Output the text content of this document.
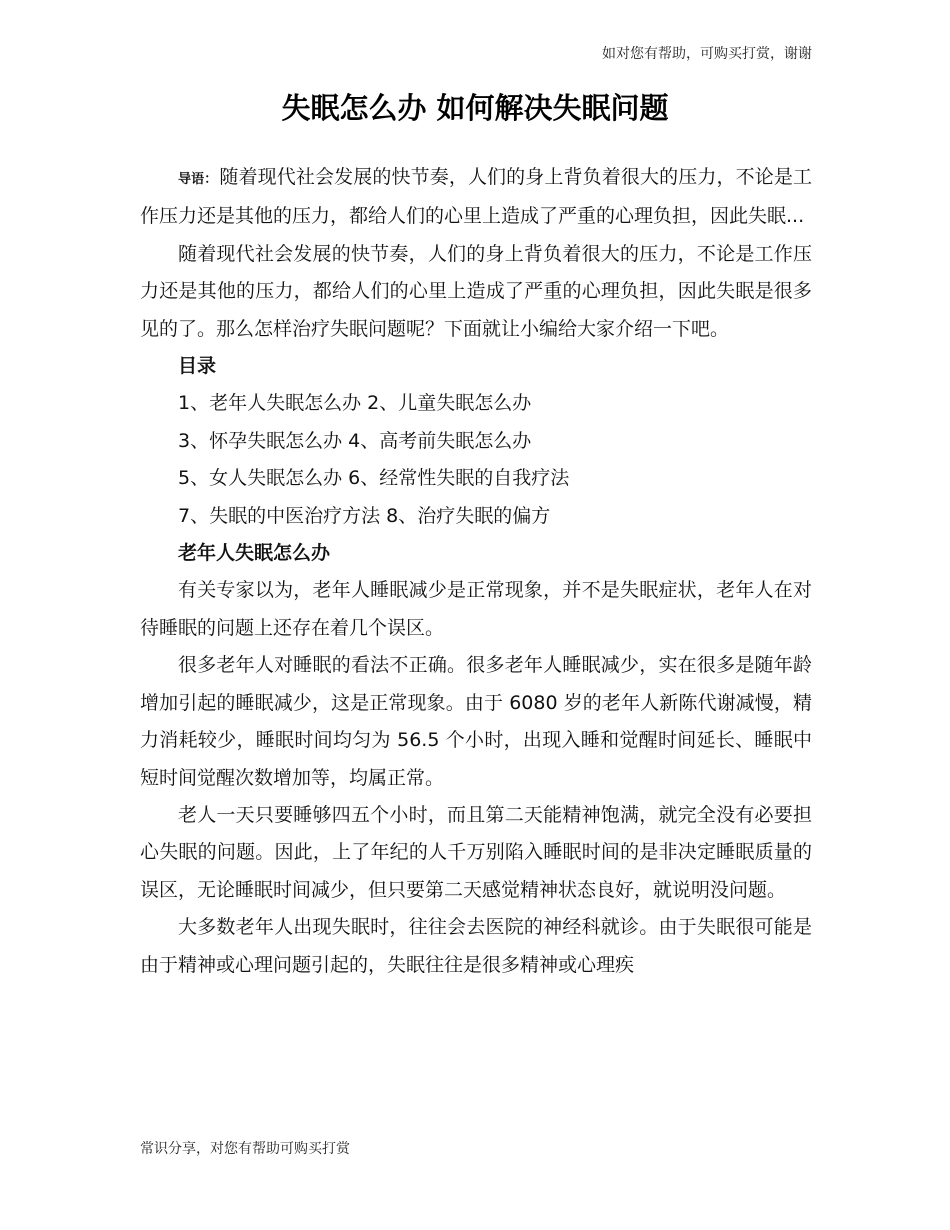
如对您有帮助，可购买打赏，谢谢
失眠怎么办 如何解决失眠问题

导语： 随着现代社会发展的快节奏，人们的身上背负着很大的压力，不论是工作压力还是其他的压力，都给人们的心里上造成了严重的心理负担，因此失眠...

随着现代社会发展的快节奏，人们的身上背负着很大的压力，不论是工作压力还是其他的压力，都给人们的心里上造成了严重的心理负担，因此失眠是很多见的了。那么怎样治疗失眠问题呢？下面就让小编给大家介绍一下吧。

目录
1、老年人失眠怎么办 2、儿童失眠怎么办
3、怀孕失眠怎么办 4、高考前失眠怎么办
5、女人失眠怎么办 6、经常性失眠的自我疗法
7、失眠的中医治疗方法 8、治疗失眠的偏方
老年人失眠怎么办

有关专家以为，老年人睡眠减少是正常现象，并不是失眠症状，老年人在对待睡眠的问题上还存在着几个误区。

很多老年人对睡眠的看法不正确。很多老年人睡眠减少，实在很多是随年龄增加引起的睡眠减少，这是正常现象。由于 6080 岁的老年人新陈代谢减慢，精力消耗较少，睡眠时间均匀为 56.5 个小时，出现入睡和觉醒时间延长、睡眠中短时间觉醒次数增加等，均属正常。

老人一天只要睡够四五个小时，而且第二天能精神饱满，就完全没有必要担心失眠的问题。因此，上了年纪的人千万别陷入睡眠时间的是非决定睡眠质量的误区，无论睡眠时间减少，但只要第二天感觉精神状态良好，就说明没问题。

大多数老年人出现失眠时，往往会去医院的神经科就诊。由于失眠很可能是由于精神或心理问题引起的，失眠往往是很多精神或心理疾

常识分享，对您有帮助可购买打赏
